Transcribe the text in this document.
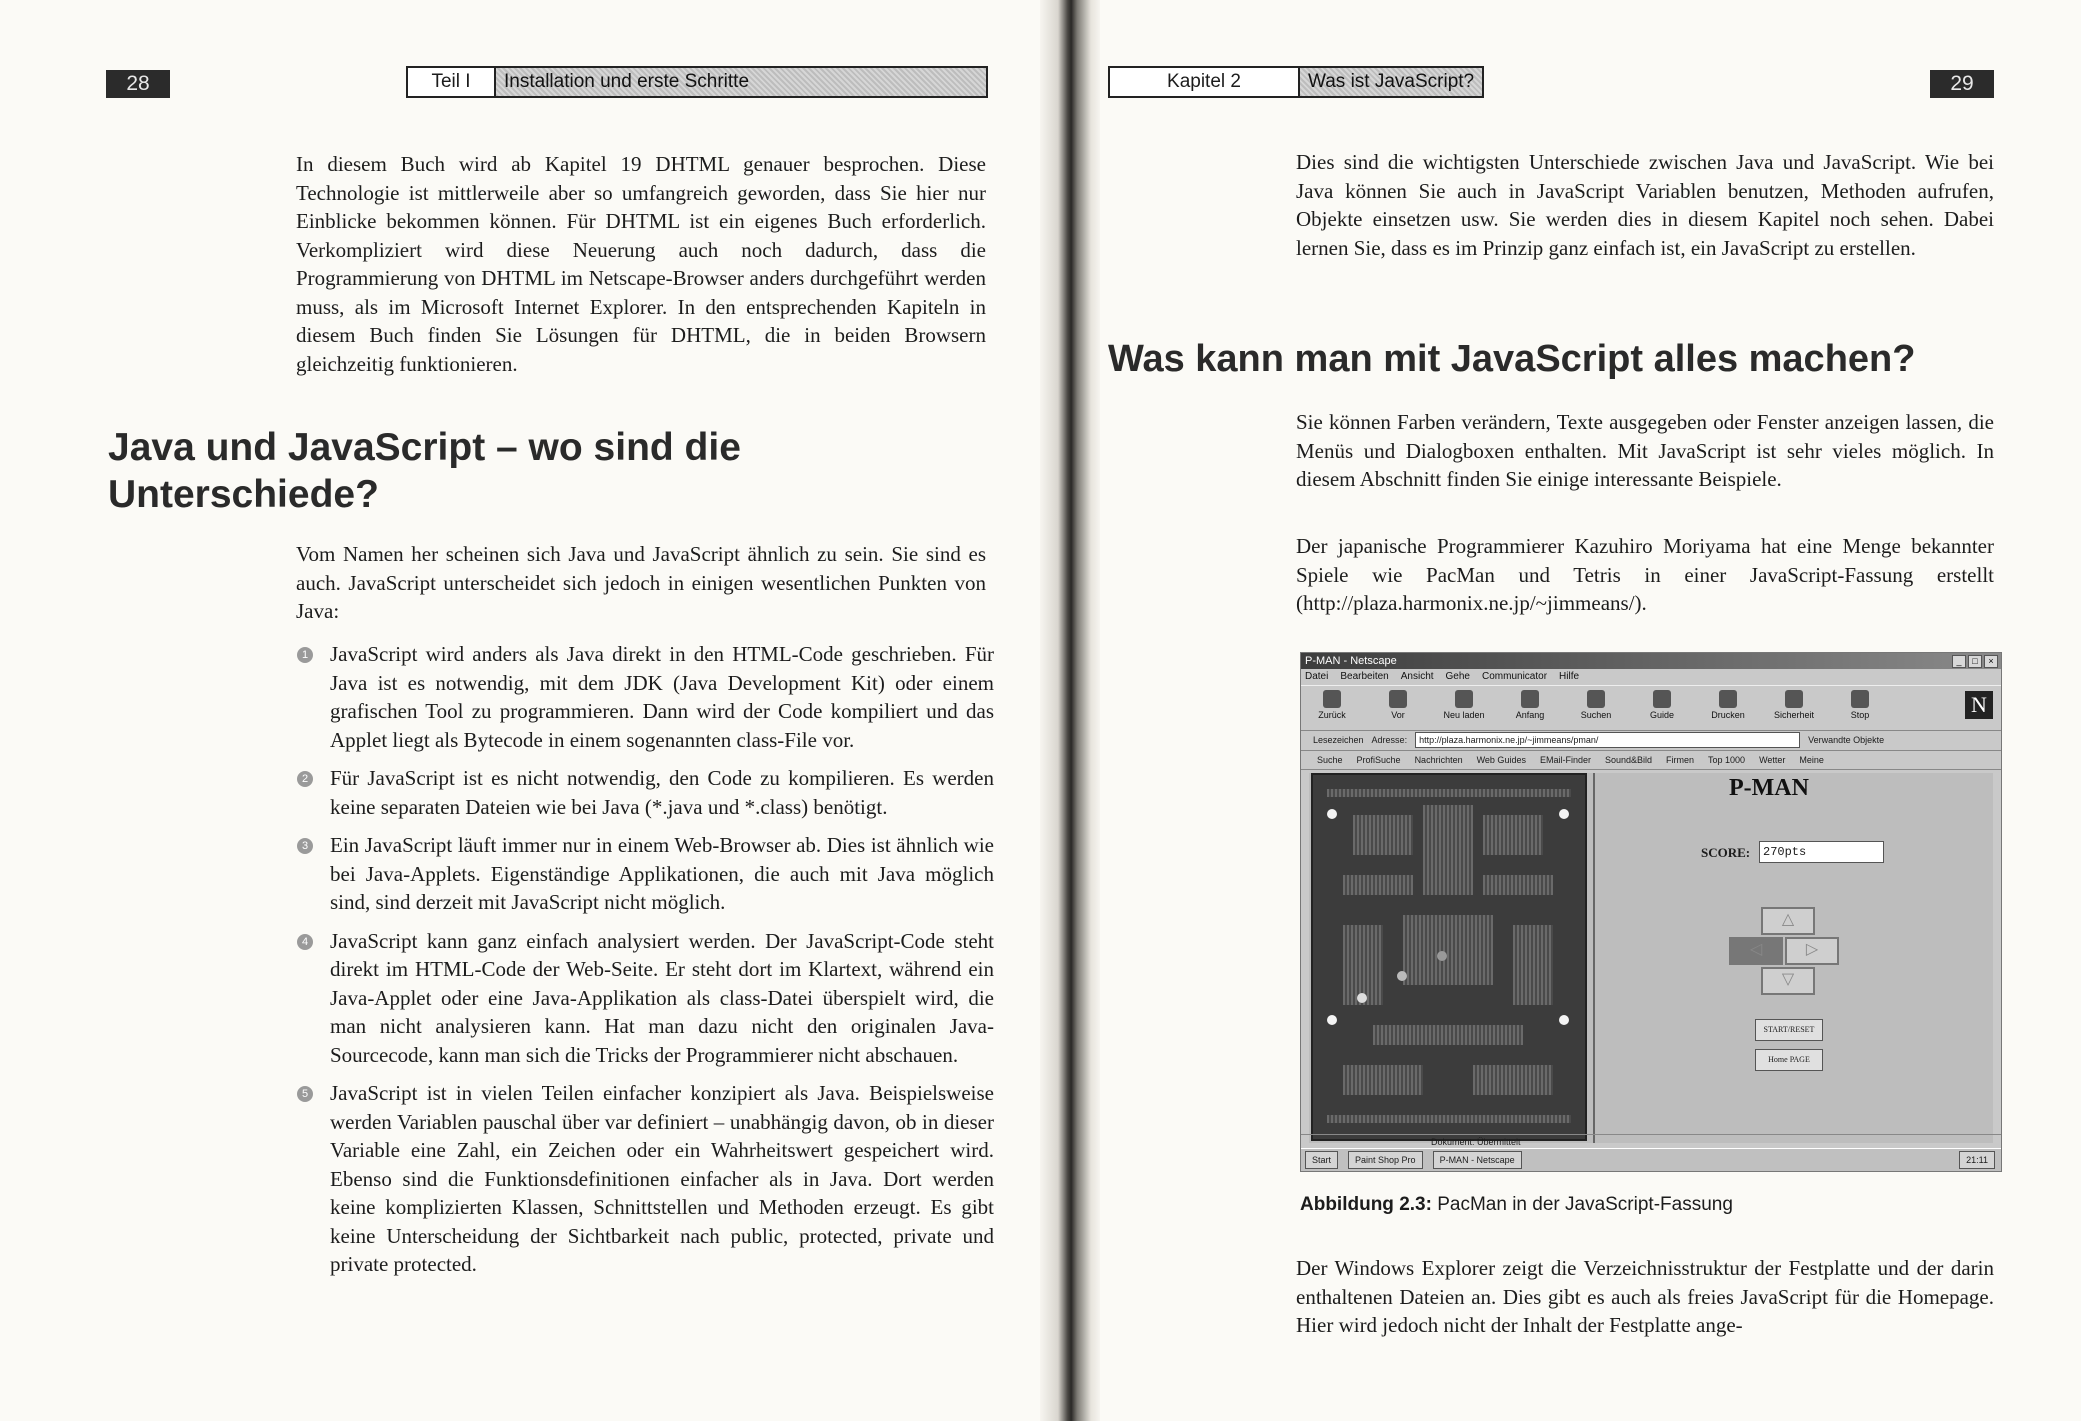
28	Teil I	Installation und erste Schritte

In diesem Buch wird ab Kapitel 19 DHTML genauer besprochen. Diese Technologie ist mittlerweile aber so umfangreich geworden, dass Sie hier nur Einblicke bekommen können. Für DHTML ist ein eigenes Buch erforderlich. Verkompliziert wird diese Neuerung auch noch dadurch, dass die Programmierung von DHTML im Netscape-Browser anders durchgeführt werden muss, als im Microsoft Internet Explorer. In den entsprechenden Kapiteln in diesem Buch finden Sie Lösungen für DHTML, die in beiden Browsern gleichzeitig funktionieren.

Java und JavaScript – wo sind die Unterschiede?

Vom Namen her scheinen sich Java und JavaScript ähnlich zu sein. Sie sind es auch. JavaScript unterscheidet sich jedoch in einigen wesentlichen Punkten von Java:

1 JavaScript wird anders als Java direkt in den HTML-Code geschrieben. Für Java ist es notwendig, mit dem JDK (Java Development Kit) oder einem grafischen Tool zu programmieren. Dann wird der Code kompiliert und das Applet liegt als Bytecode in einem sogenannten class-File vor.
2 Für JavaScript ist es nicht notwendig, den Code zu kompilieren. Es werden keine separaten Dateien wie bei Java (*.java und *.class) benötigt.
3 Ein JavaScript läuft immer nur in einem Web-Browser ab. Dies ist ähnlich wie bei Java-Applets. Eigenständige Applikationen, die auch mit Java möglich sind, sind derzeit mit JavaScript nicht möglich.
4 JavaScript kann ganz einfach analysiert werden. Der JavaScript-Code steht direkt im HTML-Code der Web-Seite. Er steht dort im Klartext, während ein Java-Applet oder eine Java-Applikation als class-Datei überspielt wird, die man nicht analysieren kann. Hat man dazu nicht den originalen Java-Sourcecode, kann man sich die Tricks der Programmierer nicht abschauen.
5 JavaScript ist in vielen Teilen einfacher konzipiert als Java. Beispielsweise werden Variablen pauschal über var definiert – unabhängig davon, ob in dieser Variable eine Zahl, ein Zeichen oder ein Wahrheitswert gespeichert wird. Ebenso sind die Funktionsdefinitionen einfacher als in Java. Dort werden keine komplizierten Klassen, Schnittstellen und Methoden erzeugt. Es gibt keine Unterscheidung der Sichtbarkeit nach public, protected, private und private protected.
Kapitel 2	Was ist JavaScript?	29

Dies sind die wichtigsten Unterschiede zwischen Java und JavaScript. Wie bei Java können Sie auch in JavaScript Variablen benutzen, Methoden aufrufen, Objekte einsetzen usw. Sie werden dies in diesem Kapitel noch sehen. Dabei lernen Sie, dass es im Prinzip ganz einfach ist, ein JavaScript zu erstellen.

Was kann man mit JavaScript alles machen?

Sie können Farben verändern, Texte ausgegeben oder Fenster anzeigen lassen, die Menüs und Dialogboxen enthalten. Mit JavaScript ist sehr vieles möglich. In diesem Abschnitt finden Sie einige interessante Beispiele.

Der japanische Programmierer Kazuhiro Moriyama hat eine Menge bekannter Spiele wie PacMan und Tetris in einer JavaScript-Fassung erstellt (http://plaza.harmonix.ne.jp/~jimmeans/).

P-MAN - Netscape	_	□	×
Datei Bearbeiten Ansicht Gehe Communicator Hilfe
Zurück	Vor	Neu laden	Anfang	Suchen	Guide	Drucken	Sicherheit	Stop	N
Lesezeichen Adresse:	http://plaza.harmonix.ne.jp/~jimmeans/pman/	Verwandte Objekte
Suche ProfiSuche Nachrichten Web Guides EMail-Finder Sound&Bild Firmen Top 1000 Wetter Meine
P-MAN
SCORE:	270pts
△
◁	▷
▽
START/RESET
Home PAGE
Dokument: Übermittelt
Start	Paint Shop Pro	P-MAN - Netscape	21:11
Abbildung 2.3: PacMan in der JavaScript-Fassung

Der Windows Explorer zeigt die Verzeichnisstruktur der Festplatte und der darin enthaltenen Dateien an. Dies gibt es auch als freies JavaScript für die Homepage. Hier wird jedoch nicht der Inhalt der Festplatte ange-
